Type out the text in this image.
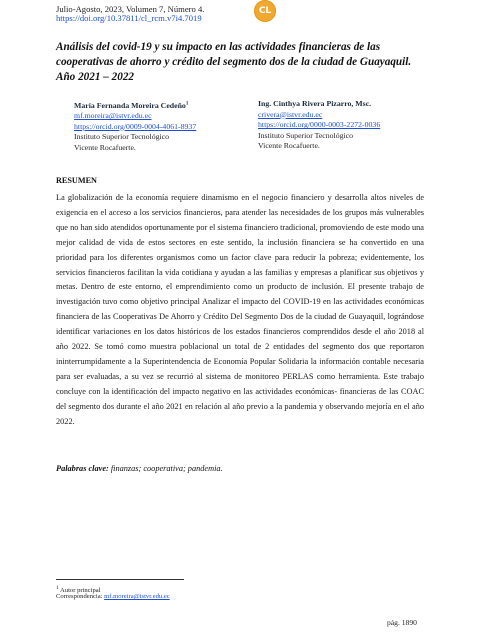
Julio-Agosto, 2023, Volumen 7, Número 4.
https://doi.org/10.37811/cl_rcm.v7i4.7019
CL
Análisis del covid-19 y su impacto en las actividades financieras de las cooperativas de ahorro y crédito del segmento dos de la ciudad de Guayaquil. Año 2021 – 2022
María Fernanda Moreira Cedeño$^1$
mf.moreira@istvr.edu.ec
https://orcid.org/0009-0004-4061-8937
Instituto Superior Tecnológico
Vicente Rocafuerte.
Ing. Cinthya Rivera Pizarro, Msc.
crivera@istvr.edu.ec
https://orcid.org/0000-0003-2272-0036
Instituto Superior Tecnológico
Vicente Rocafuerte.
RESUMEN
La globalización de la economía requiere dinamismo en el negocio financiero y desarrolla altos niveles de exigencia en el acceso a los servicios financieros, para atender las necesidades de los grupos más vulnerables que no han sido atendidos oportunamente por el sistema financiero tradicional, promoviendo de este modo una mejor calidad de vida de estos sectores en este sentido, la inclusión financiera se ha convertido en una prioridad para los diferentes organismos como un factor clave para reducir la pobreza; evidentemente, los servicios financieros facilitan la vida cotidiana y ayudan a las familias y empresas a planificar sus objetivos y metas. Dentro de este entorno, el emprendimiento como un producto de inclusión. El presente trabajo de investigación tuvo como objetivo principal Analizar el impacto del COVID-19 en las actividades económicas financiera de las Cooperativas De Ahorro y Crédito Del Segmento Dos de la ciudad de Guayaquil, lográndose identificar variaciones en los datos históricos de los estados financieros comprendidos desde el año 2018 al año 2022. Se tomó como muestra poblacional un total de 2 entidades del segmento dos que reportaron ininterrumpidamente a la Superintendencia de Economía Popular Solidaria la información contable necesaria para ser evaluadas, a su vez se recurrió al sistema de monitoreo PERLAS como herramienta. Este trabajo concluye con la identificación del impacto negativo en las actividades económicas- financieras de las COAC del segmento dos durante el año 2021 en relación al año previo a la pandemia y observando mejoría en el año 2022.
Palabras clave: finanzas; cooperativa; pandemia.
$^1$ Autor principal
Correspondencia: mf.moreira@istvr.edu.ec
pág. 1890
